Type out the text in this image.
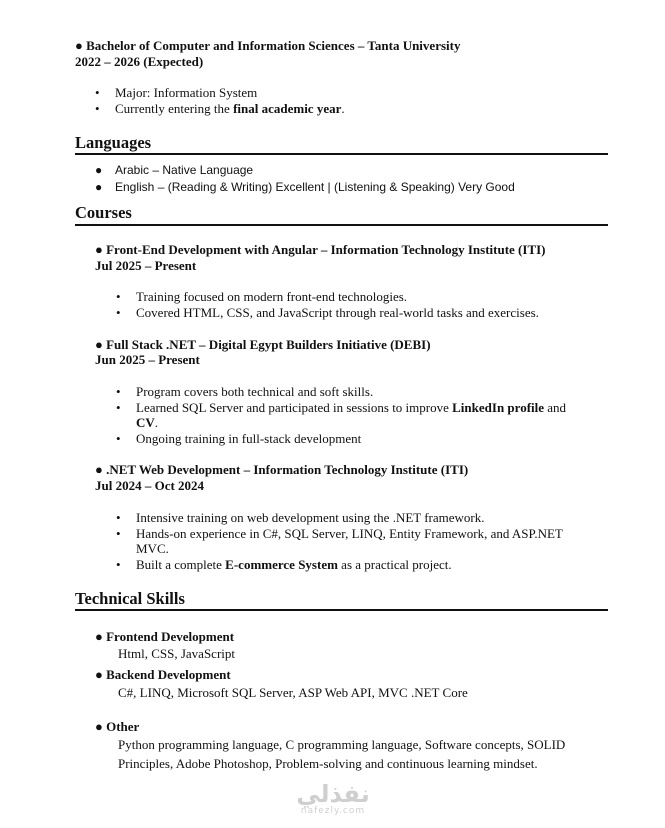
● Bachelor of Computer and Information Sciences – Tanta University
2022 – 2026 (Expected)
• Major: Information System
• Currently entering the final academic year.
Languages
● Arabic – Native Language
● English – (Reading & Writing) Excellent | (Listening & Speaking) Very Good
Courses
● Front-End Development with Angular – Information Technology Institute (ITI)
Jul 2025 – Present
• Training focused on modern front-end technologies.
• Covered HTML, CSS, and JavaScript through real-world tasks and exercises.
● Full Stack .NET – Digital Egypt Builders Initiative (DEBI)
Jun 2025 – Present
• Program covers both technical and soft skills.
• Learned SQL Server and participated in sessions to improve LinkedIn profile and
CV.
• Ongoing training in full-stack development
● .NET Web Development – Information Technology Institute (ITI)
Jul 2024 – Oct 2024
• Intensive training on web development using the .NET framework.
• Hands-on experience in C#, SQL Server, LINQ, Entity Framework, and ASP.NET
MVC.
• Built a complete E-commerce System as a practical project.
Technical Skills
● Frontend Development
Html, CSS, JavaScript
● Backend Development
C#, LINQ, Microsoft SQL Server, ASP Web API, MVC .NET Core
● Other
Python programming language, C programming language, Software concepts, SOLID
Principles, Adobe Photoshop, Problem-solving and continuous learning mindset.
نفذلي
nafezly.com
